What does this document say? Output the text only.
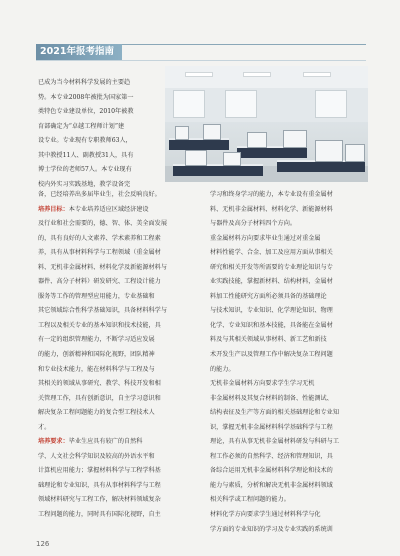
2021年报考指南

已成为当今材料科学发展的主要趋

势。本专业2008年被批为国家第一

类特色专业建设单位，2010年被教

育部确定为“卓越工程师计划”建

设专业。专业现有专职教师63人，

其中教授11人、副教授31人，具有

博士学位的老师57人。本专业现有

校内外实习实践基地，教学设备完

备，已经培养出多届毕业生，社会反响良好。

培养目标：本专业培养适应区域经济建设

及行业和社会需要的，德、智、体、美全面发展

的，具有良好的人文素养、学术素养和工程素

养，具有从事材料科学与工程领域（重金属材

料、无机非金属材料、材料化学及新能源材料与

器件、高分子材料）研发研究、工程设计能力

服务等工作的管理型应用能力，专业基础和

其它领域综合性科学基础知识，具备材料科学与

工程以及相关专业的基本知识和技术技能，具

有一定的组织管理能力，不断学习适应发展

的能力，创新精神和国际化视野，团队精神

和专业技术能力，能在材料科学与工程及与

其相关的领域从事研究、教学、科技开发和相

关管理工作，具有创新意识，自主学习意识和

解决复杂工程问题能力的复合型工程技术人

才。

培养要求：毕业生应具有较广的自然科

学、人文社会科学知识及较高的外语水平和

计算机应用能力；掌握材料科学与工程学科基

础理论和专业知识，具有从事材料科学与工程

领域材料研究与工程工作，解决材料领域复杂

工程问题的能力，同时具有国际化视野，自主

学习和终身学习的能力，本专业设有重金属材

料、无机非金属材料、材料化学、新能源材料

与器件及高分子材料四个方向。

重金属材料方向要求毕业生通过对重金属

材料性能学、合金、加工及应用方面从事相关

研究和相关开发等所需要的专业理论知识与专

业实践技能，掌握新材料、结构材料，金属材

料加工性能研究方面所必须具备的基础理论

与技术知识，专业知识、化学理论知识、物理

化学、专业知识和基本技能，具备能在金属材

料及与其相关领域从事材料、新工艺和新技

术开发生产以及管理工作中解决复杂工程问题

的能力。

无机非金属材料方向要求学生学习无机

非金属材料及其复合材料的制备、性能测试、

结构表征及生产等方面的相关基础理论和专业知

识，掌握无机非金属材料科学基础科学与工程

理论，具有从事无机非金属材料研发与科研与工

程工作必须的自然科学、经济和管理知识，具

备综合运用无机非金属材料科学理论和技术的

能力与素质，分析和解决无机非金属材料领域

相关科学或工程问题的能力。

材料化学方向要求学生通过材料科学与化

学方面的专业知识的学习及专业实践的系统训

126
